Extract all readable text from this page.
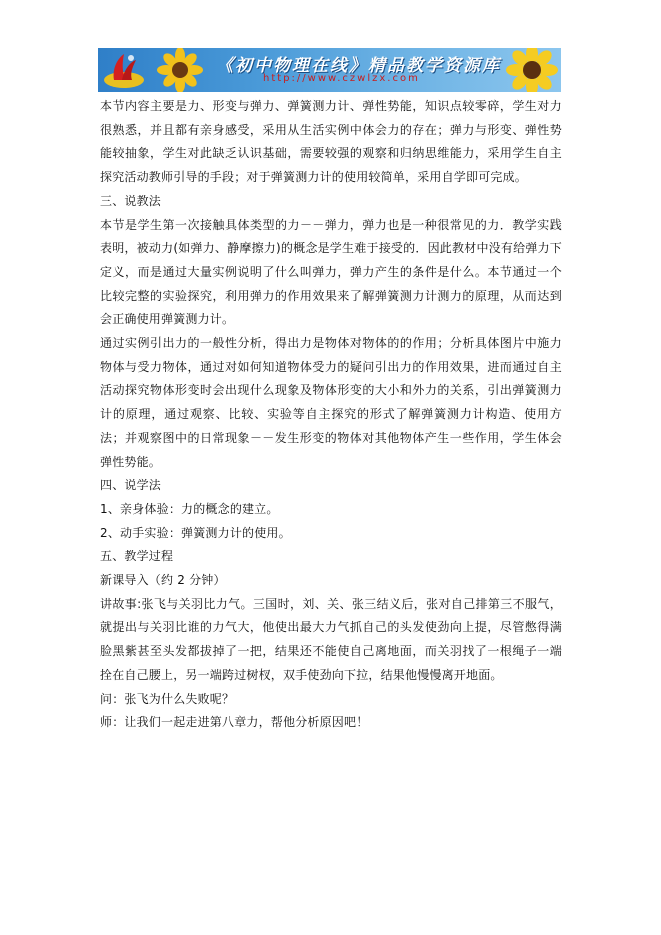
《初中物理在线》精品教学资源库
http://www.czwlzx.com

本节内容主要是力、形变与弹力、弹簧测力计、弹性势能，知识点较零碎，学生对力很熟悉，并且都有亲身感受，采用从生活实例中体会力的存在；弹力与形变、弹性势能较抽象，学生对此缺乏认识基础，需要较强的观察和归纳思维能力，采用学生自主探究活动教师引导的手段；对于弹簧测力计的使用较简单，采用自学即可完成。

三、说教法

本节是学生第一次接触具体类型的力－－弹力，弹力也是一种很常见的力．教学实践表明，被动力(如弹力、静摩擦力)的概念是学生难于接受的．因此教材中没有给弹力下定义，而是通过大量实例说明了什么叫弹力，弹力产生的条件是什么。本节通过一个比较完整的实验探究，利用弹力的作用效果来了解弹簧测力计测力的原理，从而达到会正确使用弹簧测力计。

通过实例引出力的一般性分析，得出力是物体对物体的的作用；分析具体图片中施力物体与受力物体，通过对如何知道物体受力的疑问引出力的作用效果，进而通过自主活动探究物体形变时会出现什么现象及物体形变的大小和外力的关系，引出弹簧测力计的原理，通过观察、比较、实验等自主探究的形式了解弹簧测力计构造、使用方法；并观察图中的日常现象－－发生形变的物体对其他物体产生一些作用，学生体会弹性势能。

四、说学法

1、亲身体验：力的概念的建立。

2、动手实验：弹簧测力计的使用。

五、教学过程

新课导入（约 2 分钟）

讲故事:张飞与关羽比力气。三国时，刘、关、张三结义后，张对自己排第三不服气，就提出与关羽比谁的力气大，他使出最大力气抓自己的头发使劲向上提，尽管憋得满脸黑紫甚至头发都拔掉了一把，结果还不能使自己离地面，而关羽找了一根绳子一端拴在自己腰上，另一端跨过树杈，双手使劲向下拉，结果他慢慢离开地面。

问：张飞为什么失败呢？

师：让我们一起走进第八章力，帮他分析原因吧！
